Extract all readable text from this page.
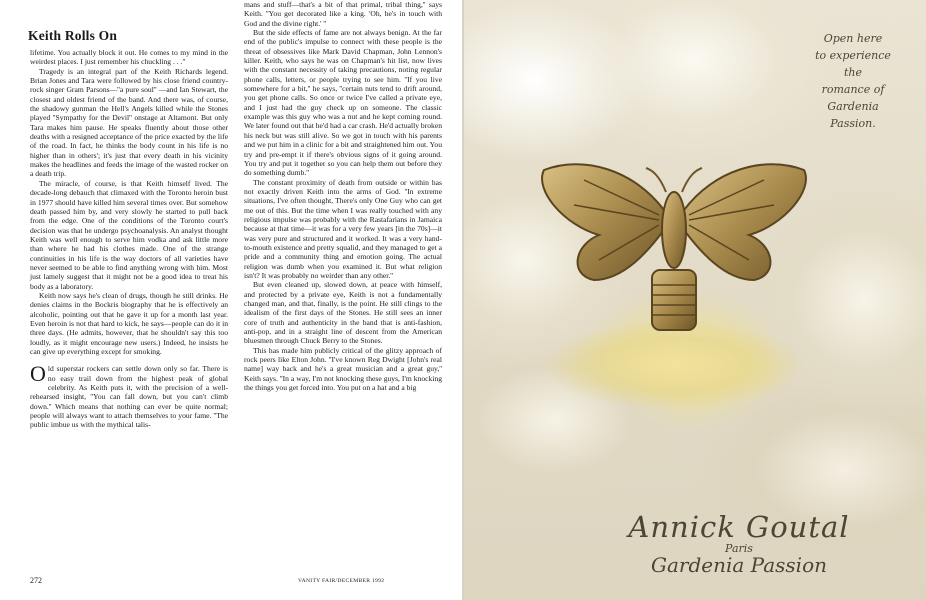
Keith Rolls On

lifetime. You actually block it out. He comes to my mind in the weirdest places. I just remember his chuckling . . .''

Tragedy is an integral part of the Keith Richards legend. Brian Jones and Tara were followed by his close friend country-rock singer Gram Parsons—''a pure soul'' —and Ian Stewart, the closest and oldest friend of the band. And there was, of course, the shadowy gunman the Hell's Angels killed while the Stones played ''Sympathy for the Devil'' onstage at Altamont. But only Tara makes him pause. He speaks fluently about those other deaths with a resigned acceptance of the price exacted by the life of the road. In fact, he thinks the body count in his life is no higher than in others'; it's just that every death in his vicinity makes the headlines and feeds the image of the wasted rocker on a death trip.

The miracle, of course, is that Keith himself lived. The decade-long debauch that climaxed with the Toronto heroin bust in 1977 should have killed him several times over. But somehow death passed him by, and very slowly he started to pull back from the edge. One of the conditions of the Toronto court's decision was that he undergo psychoanalysis. An analyst thought Keith was well enough to serve him vodka and ask little more than where he had his clothes made. One of the strange continuities in his life is the way doctors of all varieties have never seemed to be able to find anything wrong with him. Most just lamely suggest that it might not be a good idea to treat his body as a laboratory.

Keith now says he's clean of drugs, though he still drinks. He denies claims in the Bockris biography that he is effectively an alcoholic, pointing out that he gave it up for a month last year. Even heroin is not that hard to kick, he says—people can do it in three days. (He admits, however, that he shouldn't say this too loudly, as it might encourage new users.) Indeed, he insists he can give up everything except for smoking.

Old superstar rockers can settle down only so far. There is no easy trail down from the highest peak of global celebrity. As Keith puts it, with the precision of a well-rehearsed insight, ''You can fall down, but you can't climb down.'' Which means that nothing can ever be quite normal; people will always want to attach themselves to your fame. ''The public imbue us with the mythical talis-

mans and stuff—that's a bit of that primal, tribal thing,'' says Keith. ''You get decorated like a king. 'Oh, he's in touch with God and the divine right.' ''

But the side effects of fame are not always benign. At the far end of the public's impulse to connect with these people is the threat of obsessives like Mark David Chapman, John Lennon's killer. Keith, who says he was on Chapman's hit list, now lives with the constant necessity of taking precautions, noting regular phone calls, letters, or people trying to see him. ''If you live somewhere for a bit,'' he says, ''certain nuts tend to drift around, you get phone calls. So once or twice I've called a private eye, and I just had the guy check up on someone. The classic example was this guy who was a nut and he kept coming round. We later found out that he'd had a car crash. He'd actually broken his neck but was still alive. So we got in touch with his parents and we put him in a clinic for a bit and straightened him out. You try and pre-empt it if there's obvious signs of it going around. You try and put it together so you can help them out before they do something dumb.''

The constant proximity of death from outside or within has not exactly driven Keith into the arms of God. ''In extreme situations, I've often thought, There's only One Guy who can get me out of this. But the time when I was really touched with any religious impulse was probably with the Rastafarians in Jamaica because at that time—it was for a very few years [in the 70s]—it was very pure and structured and it worked. It was a very hand-to-mouth existence and pretty squalid, and they managed to get a pride and a community thing and emotion going. The actual religion was dumb when you examined it. But what religion isn't? It was probably no weirder than any other.''

But even cleaned up, slowed down, at peace with himself, and protected by a private eye, Keith is not a fundamentally changed man, and that, finally, is the point. He still clings to the idealism of the first days of the Stones. He still sees an inner core of truth and authenticity in the band that is anti-fashion, anti-pop, and in a straight line of descent from the American bluesmen through Chuck Berry to the Stones.

This has made him publicly critical of the glitzy approach of rock peers like Elton John. ''I've known Reg Dwight [John's real name] way back and he's a great musician and a great guy,'' Keith says. ''In a way, I'm not knocking these guys, I'm knocking the things you get forced into. You put on a hat and a big

272	VANITY FAIR/DECEMBER 1992
Open here
to experience
the
romance of
Gardenia
Passion.
Annick Goutal
Paris
Gardenia Passion
